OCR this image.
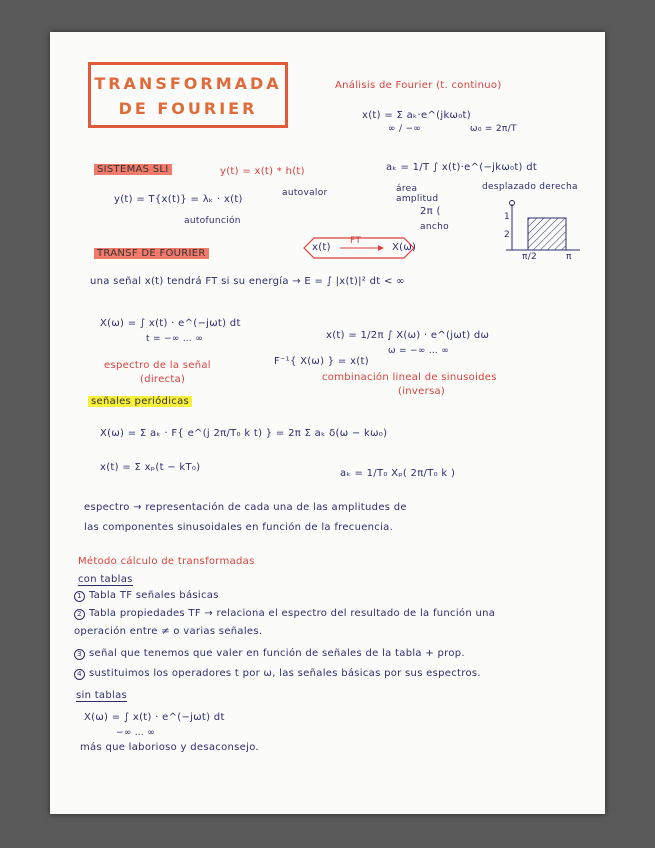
TRANSFORMADA
DE FOURIER
Análisis de Fourier (t. continuo)
x(t) = Σ aₖ·e^(jkω₀t)
∞ / −∞	ω₀ = 2π/T
aₖ = 1/T ∫ x(t)·e^(−jkω₀t) dt
área
amplitud
desplazado derecha
2π (
ancho
1
2
π/2	π
SISTEMAS SLI	y(t) = x(t) * h(t)
y(t) = T{x(t)} = λₖ · x(t)
autovalor
autofunción
TRANSF DE FOURIER
x(t)
FT
X(ω)
una señal x(t) tendrá FT si su energía → E = ∫ |x(t)|² dt < ∞
X(ω) = ∫ x(t) · e^(−jωt) dt
t = −∞ … ∞	x(t) = 1/2π ∫ X(ω) · e^(jωt) dω
ω = −∞ … ∞
espectro de la señal
(directa)
F⁻¹{ X(ω) } = x(t)
combinación lineal de sinusoides
(inversa)
señales periódicas
X(ω) = Σ aₖ · F{ e^(j 2π/T₀ k t) } = 2π Σ aₖ δ(ω − kω₀)
x(t) = Σ xₚ(t − kT₀)
aₖ = 1/T₀ Xₚ( 2π/T₀ k )
espectro → representación de cada una de las amplitudes de
las componentes sinusoidales en función de la frecuencia.
Método cálculo de transformadas
con tablas
1 Tabla TF señales básicas
2 Tabla propiedades TF → relaciona el espectro del resultado de la función una
operación entre ≠ o varias señales.
3 señal que tenemos que valer en función de señales de la tabla + prop.
4 sustituimos los operadores t por ω, las señales básicas por sus espectros.
sin tablas
X(ω) = ∫ x(t) · e^(−jωt) dt
−∞ … ∞
más que laborioso y desaconsejo.
